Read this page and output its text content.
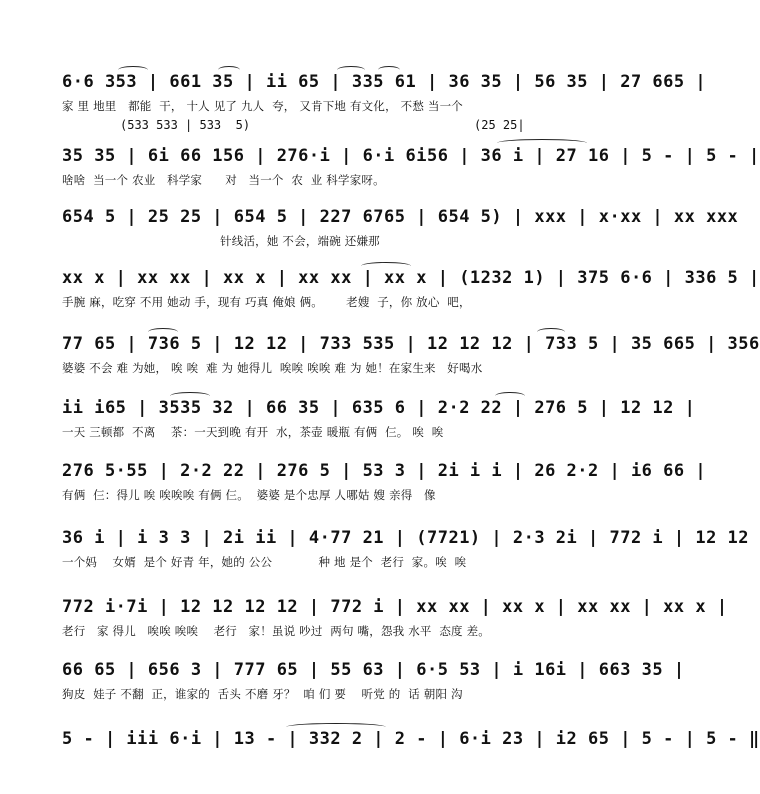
6·6 353 | 661 35 | ii 65 | 335 61 | 36 35 | 56 35 | 27 665 |
家 里 地里   都能  干， 十人 见了 九人  夸， 又肯下地 有文化， 不愁 当一个
(533 533 | 533  5)                               (25 25|
35 35 | 6i 66 156 | 276·i | 6·i 6i56 | 36 i | 27 16 | 5 - | 5 - |
啥啥  当一个 农业   科学家      对   当一个  农  业 科学家呀。
654 5 | 25 25 | 654 5 | 227 6765 | 654 5) | xxx | x·xx | xx xxx
针线活，她 不会，端碗 还嫌那
xx x | xx xx | xx x | xx xx | xx x | (1232 1) | 375 6·6 | 336 5 |
手腕 麻，吃穿 不用 她动 手，现有 巧真 俺娘 俩。      老嫂  子，你 放心  吧，
77 65 | 736 5 | 12 12 | 733 535 | 12 12 12 | 733 5 | 35 665 | 356
婆婆 不会 难 为她， 唉 唉  难 为 她得儿  唉唉 唉唉 难 为 她！在家生来   好喝水
ii i65 | 3535 32 | 66 35 | 635 6 | 2·2 22 | 276 5 | 12 12 |
一天 三顿都  不离    茶：一天到晚 有开  水，茶壶 暖瓶 有俩  仨。 唉  唉
276 5·55 | 2·2 22 | 276 5 | 53 3 | 2i i i | 26 2·2 | i6 66 |
有俩  仨：得儿 唉 唉唉唉 有俩 仨。  婆婆 是个忠厚 人哪姑 嫂 亲得   像
36 i | i 3 3 | 2i ii | 4·77 21 | (7721) | 2·3 2i | 772 i | 12 12
一个妈    女婿  是个 好青 年，她的 公公            种 地 是个  老行  家。唉  唉
772 i·7i | 12 12 12 12 | 772 i | xx xx | xx x | xx xx | xx x |
老行   家 得儿   唉唉 唉唉    老行   家！虽说 吵过  两句 嘴，怨我 水平  态度 差。
66 65 | 656 3 | 777 65 | 55 63 | 6·5 53 | i 16i | 663 35 |
狗皮  娃子 不翻  正，谁家的  舌头 不磨 牙？  咱 们 要    听党 的  话 朝阳 沟
5 - | iii 6·i | 13 - | 332 2 | 2 - | 6·i 23 | i2 65 | 5 - | 5 - ‖
